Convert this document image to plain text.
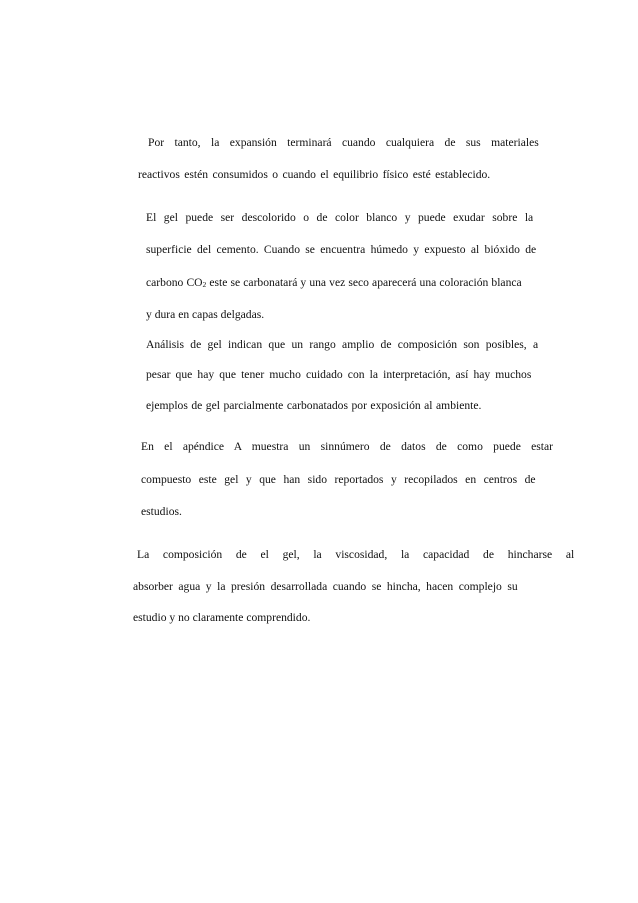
Por tanto, la expansión terminará cuando cualquiera de sus materiales
reactivos estén consumidos o cuando el equilibrio físico esté establecido.
El gel puede ser descolorido o de color blanco y puede exudar sobre la
superficie del cemento. Cuando se encuentra húmedo y expuesto al bióxido de
carbono CO2 este se carbonatará y una vez seco aparecerá una coloración blanca
y dura en capas delgadas.
Análisis de gel indican que un rango amplio de composición son posibles, a
pesar que hay que tener mucho cuidado con la interpretación, así hay muchos
ejemplos de gel parcialmente carbonatados por exposición al ambiente.
En el apéndice A muestra un sinnúmero de datos de como puede estar
compuesto este gel y que han sido reportados y recopilados en centros de
estudios.
La composición de el gel, la viscosidad, la capacidad de hincharse al
absorber agua y la presión desarrollada cuando se hincha, hacen complejo su
estudio y no claramente comprendido.
